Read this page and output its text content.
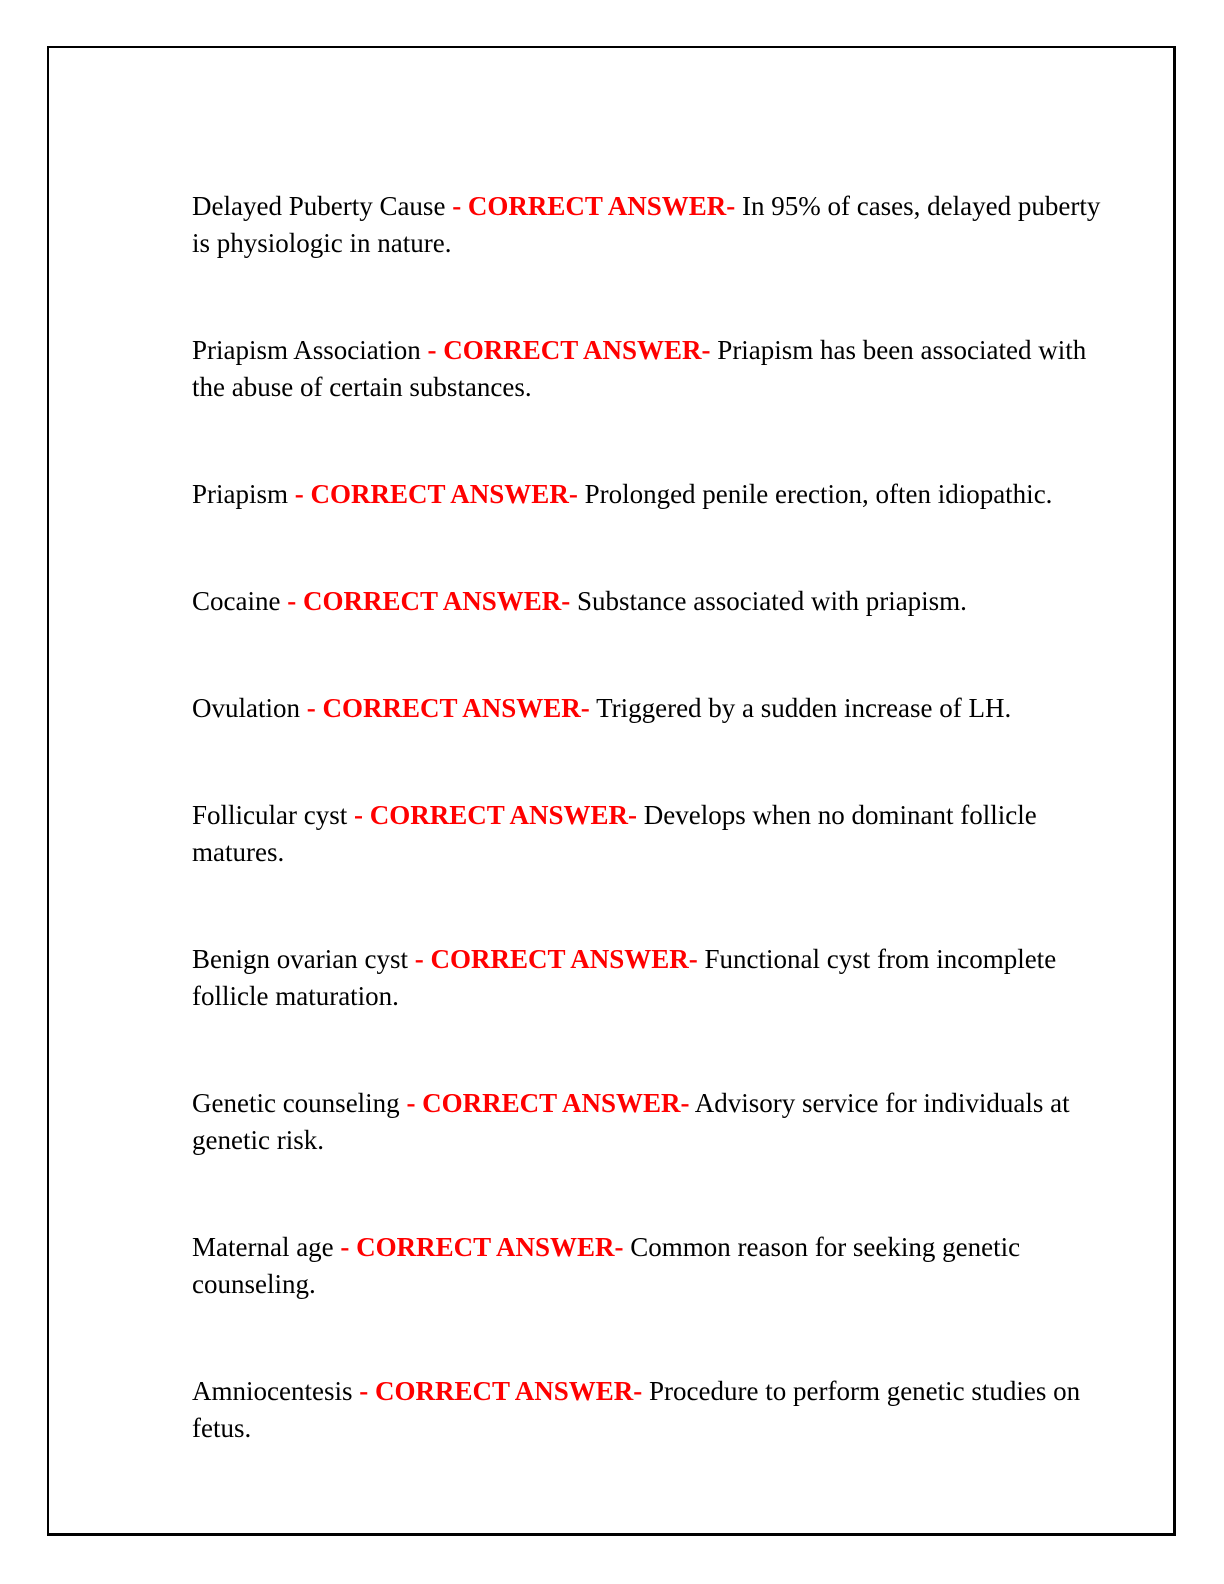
Delayed Puberty Cause - CORRECT ANSWER- In 95% of cases, delayed puberty is physiologic in nature.

Priapism Association - CORRECT ANSWER- Priapism has been associated with the abuse of certain substances.

Priapism - CORRECT ANSWER- Prolonged penile erection, often idiopathic.

Cocaine - CORRECT ANSWER- Substance associated with priapism.

Ovulation - CORRECT ANSWER- Triggered by a sudden increase of LH.

Follicular cyst - CORRECT ANSWER- Develops when no dominant follicle matures.

Benign ovarian cyst - CORRECT ANSWER- Functional cyst from incomplete follicle maturation.

Genetic counseling - CORRECT ANSWER- Advisory service for individuals at genetic risk.

Maternal age - CORRECT ANSWER- Common reason for seeking genetic counseling.

Amniocentesis - CORRECT ANSWER- Procedure to perform genetic studies on fetus.
